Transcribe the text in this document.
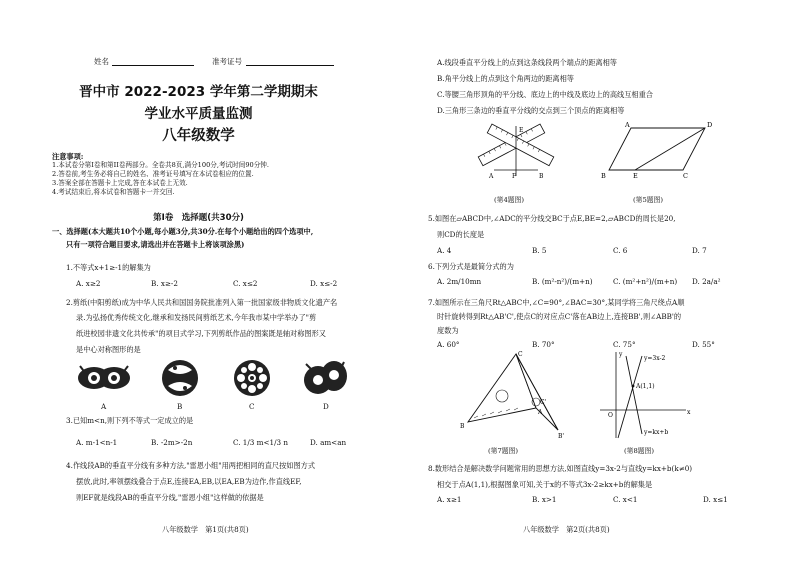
姓名	准考证号
晋中市 2022-2023 学年第二学期期末
学业水平质量监测
八年级数学
注意事项:
1.本试卷分第I卷和第II卷两部分。全卷共8页,满分100分,考试时间90分钟.
2.答卷前,考生务必将自己的姓名、准考证号填写在本试卷相应的位置.
3.答案全部在答题卡上完成,答在本试卷上无效.
4.考试结束后,将本试卷和答题卡一并交回.
第I卷　选择题(共30分)
一、选择题(本大题共10个小题,每小题3分,共30分.在每个小题给出的四个选项中,
只有一项符合题目要求,请选出并在答题卡上将该项涂黑)
1.不等式x+1≥-1的解集为
A. x≥2	B. x≥-2	C. x≤2	D. x≤-2
2.剪纸(中阳剪纸)成为中华人民共和国国务院批准列入第一批国家级非物质文化遗产名
录.为弘扬优秀传统文化,继承和发扬民间剪纸艺术,今年我市某中学举办了"剪
纸进校园非遗文化共传承"的项目式学习,下列剪纸作品的图案既是轴对称图形又
是中心对称图形的是
A	B	C	D
3.已知m<n,则下列不等式一定成立的是
A. m-1<n-1	B. -2m>-2n	C. 1/3 m<1/3 n	D. am<an
4.作线段AB的垂直平分线有多种方法,"雷恩小组"用两把相同的直尺按如图方式
摆放,此时,率领摆线叠合于点E,连接EA,EB,以EA,EB为边作,作直线EF,
则EF就是线段AB的垂直平分线,"雷恩小组"这样做的依据是
八年级数学　第1页(共8页)
A.线段垂直平分线上的点到这条线段两个端点的距离相等
B.角平分线上的点到这个角两边的距离相等
C.等腰三角形顶角的平分线、底边上的中线及底边上的高线互相重合
D.三角形三条边的垂直平分线的交点到三个顶点的距离相等
A	F	B
E
(第4题图)
A	D
B	E	C
(第5题图)
5.如图在▱ABCD中,∠ADC的平分线交BC于点E,BE=2,▱ABCD的周长是20,
则CD的长度是
A. 4	B. 5	C. 6	D. 7
6.下列分式是最简分式的为
A. 2m/10mn	B. (m²-n²)/(m+n)	C. (m²+n²)/(m+n) D. 2a/a²
7.如图所示在三角尺Rt△ABC中,∠C=90°,∠BAC=30°,某同学将三角尺绕点A顺
时针旋转得到Rt△AB'C',使点C的对应点C'落在AB边上,连接BB',则∠ABB'的
度数为
A. 60°	B. 70°	C. 75°	D. 55°
C
B
A
B'
C'
(第7题图)
y=3x-2
A(1,1)
y=kx+b
O	x
y
(第8题图)
8.数形结合是解决数学问题常用的思想方法,如图直线y=3x-2与直线y=kx+b(k≠0)
相交于点A(1,1),根据图象可知,关于x的不等式3x-2≥kx+b的解集是
A. x≥1	B. x>1	C. x<1	D. x≤1
八年级数学　第2页(共8页)
